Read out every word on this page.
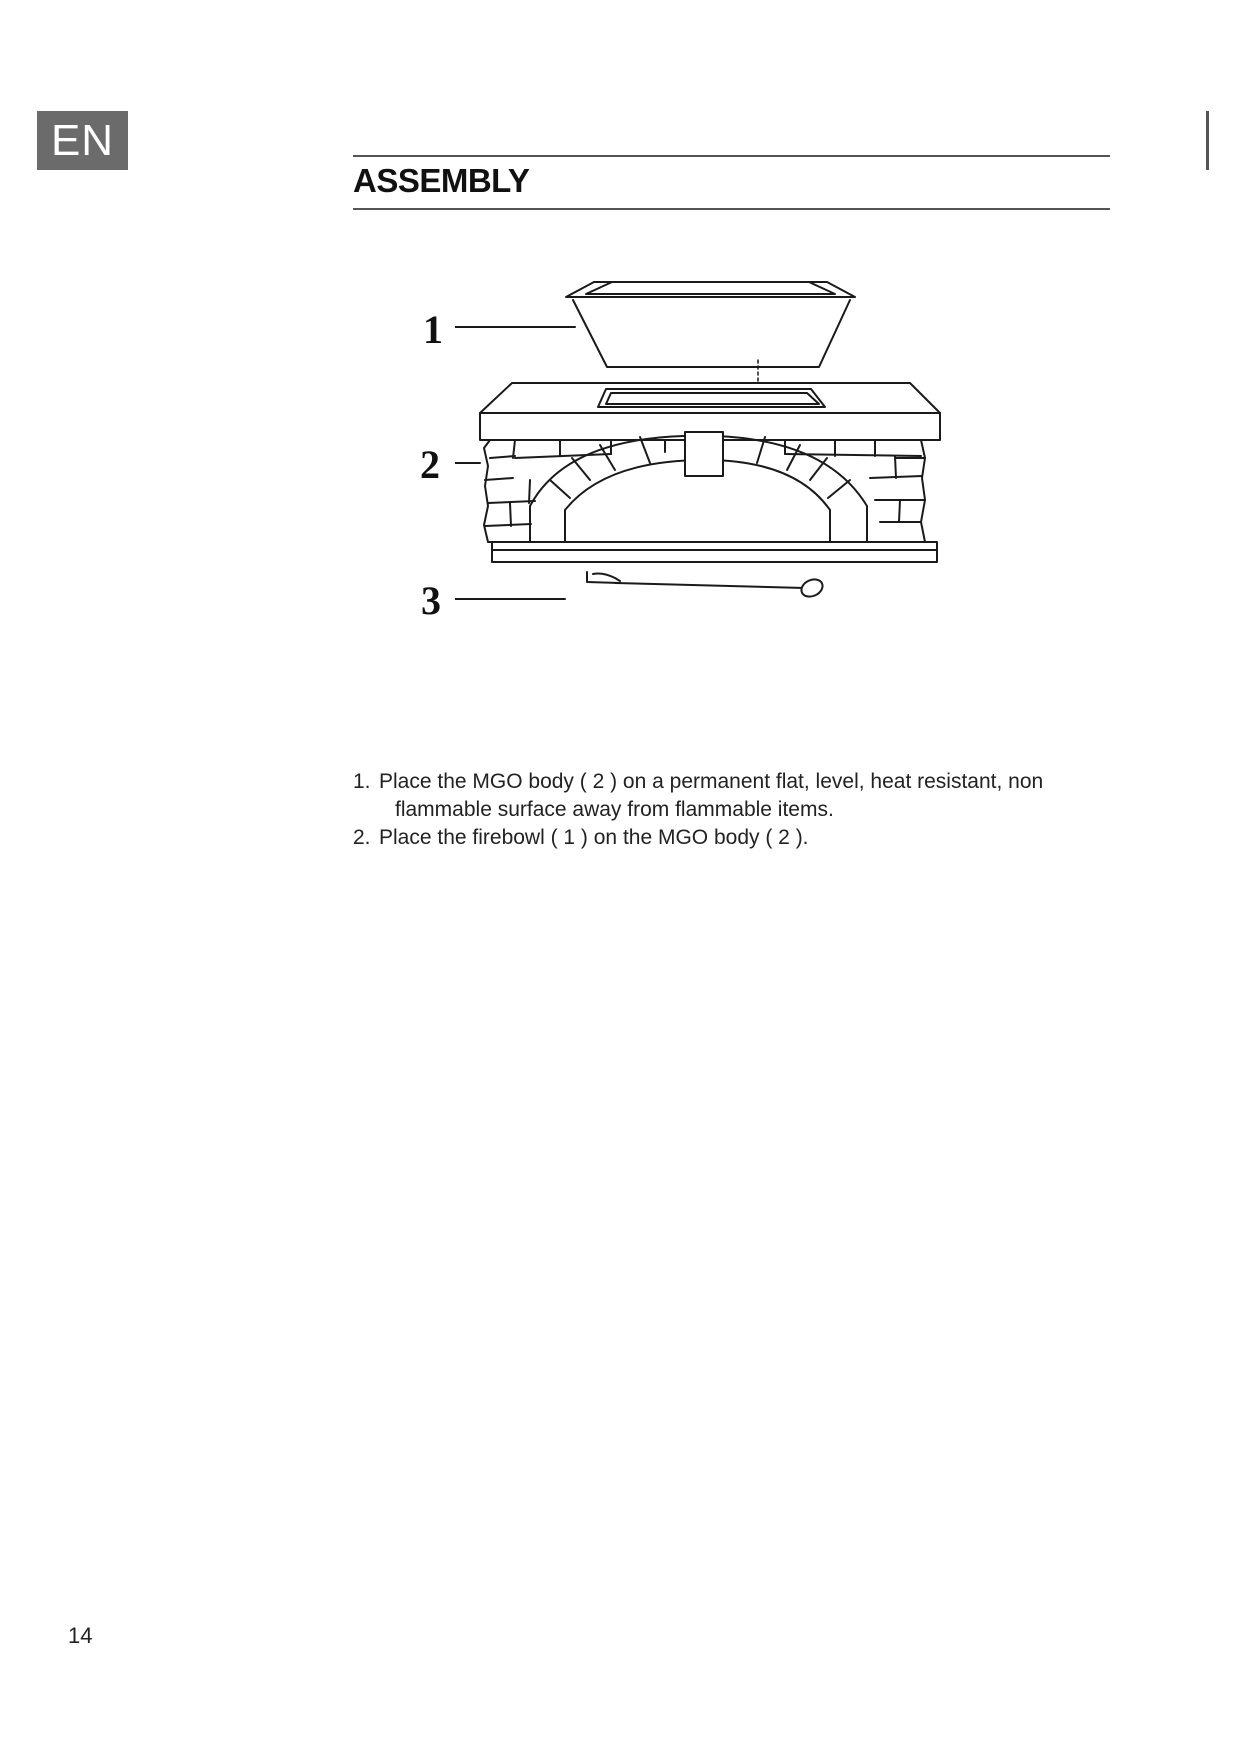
EN
ASSEMBLY
1
2
3
1. Place the MGO body ( 2 ) on a permanent flat, level, heat resistant, non
flammable surface away from flammable items.
2. Place the firebowl ( 1 ) on the MGO body ( 2 ).
14
